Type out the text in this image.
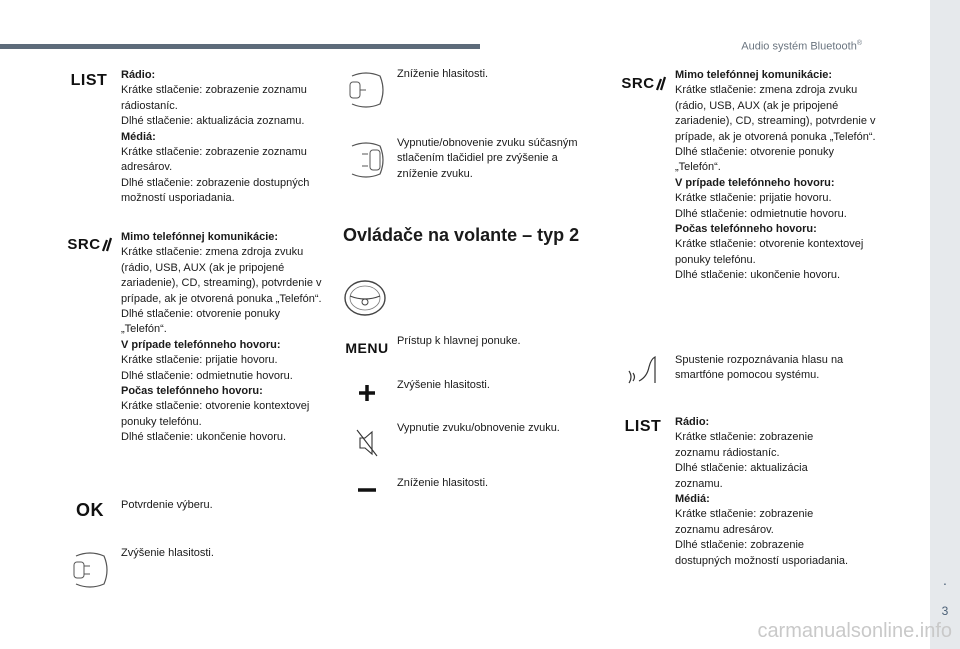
Audio systém Bluetooth®
.
3
LIST Rádio:
Krátke stlačenie: zobrazenie zoznamu rádiostaníc.
Dlhé stlačenie: aktualizácia zoznamu.
Médiá:
Krátke stlačenie: zobrazenie zoznamu adresárov.
Dlhé stlačenie: zobrazenie dostupných možností usporiadania.
SRC Mimo telefónnej komunikácie:
Krátke stlačenie: zmena zdroja zvuku (rádio, USB, AUX (ak je pripojené zariadenie), CD, streaming), potvrdenie v prípade, ak je otvorená ponuka „Telefón“.
Dlhé stlačenie: otvorenie ponuky „Telefón“.
V prípade telefónneho hovoru:
Krátke stlačenie: prijatie hovoru.
Dlhé stlačenie: odmietnutie hovoru.
Počas telefónneho hovoru:
Krátke stlačenie: otvorenie kontextovej ponuky telefónu.
Dlhé stlačenie: ukončenie hovoru.
OK Potvrdenie výberu.
Zvýšenie hlasitosti.
Zníženie hlasitosti.
Vypnutie/obnovenie zvuku súčasným stlačením tlačidiel pre zvýšenie a zníženie zvuku.
Ovládače na volante – typ 2
MENU Prístup k hlavnej ponuke.
Zvýšenie hlasitosti.
Vypnutie zvuku/obnovenie zvuku.
Zníženie hlasitosti.
SRC Mimo telefónnej komunikácie:
Krátke stlačenie: zmena zdroja zvuku (rádio, USB, AUX (ak je pripojené zariadenie), CD, streaming), potvrdenie v prípade, ak je otvorená ponuka „Telefón“.
Dlhé stlačenie: otvorenie ponuky „Telefón“.
V prípade telefónneho hovoru:
Krátke stlačenie: prijatie hovoru.
Dlhé stlačenie: odmietnutie hovoru.
Počas telefónneho hovoru:
Krátke stlačenie: otvorenie kontextovej ponuky telefónu.
Dlhé stlačenie: ukončenie hovoru.
Spustenie rozpoznávania hlasu na smartfóne pomocou systému.
LIST Rádio:
Krátke stlačenie: zobrazenie zoznamu rádiostaníc.
Dlhé stlačenie: aktualizácia zoznamu.
Médiá:
Krátke stlačenie: zobrazenie zoznamu adresárov.
Dlhé stlačenie: zobrazenie dostupných možností usporiadania.
carmanualsonline.info
